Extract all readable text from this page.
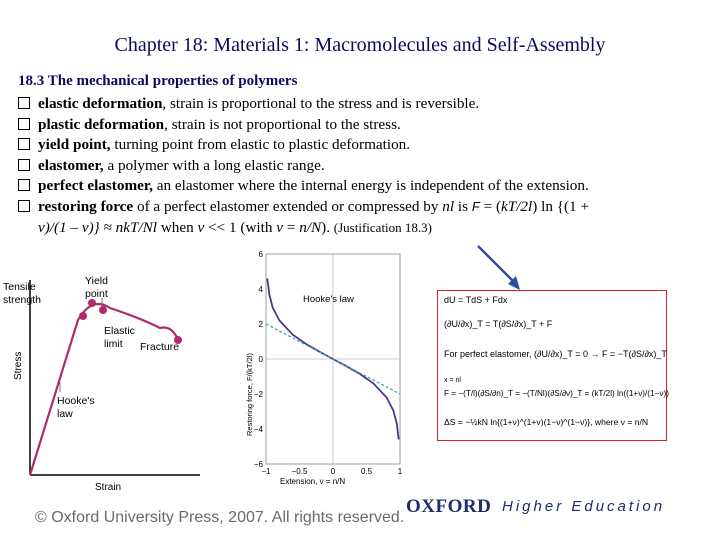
Chapter 18: Materials 1: Macromolecules and Self-Assembly
18.3 The mechanical properties of polymers
elastic deformation, strain is proportional to the stress and is reversible.
plastic deformation, strain is not proportional to the stress.
yield point, turning point from elastic to plastic deformation.
elastomer, a polymer with a long elastic range.
perfect elastomer, an elastomer where the internal energy is independent of the extension.
restoring force of a perfect elastomer extended or compressed by nl is F = (kT/2l) ln {(1 +
v)/(1 – v)} ≈ nkT/Nl when v << 1 (with v = n/N). (Justification 18.3)
Tensile strength
Yield point
Elastic limit	Fracture
Hooke's law
Stress
Strain
−1	−0.5	0	0.5	1
6
4
2
0
−2
−4
−6
Hooke's law
Extension, ν = n/N
Restoring force, F/(kT/2l)
dU = TdS + Fdx
(∂U/∂x)_T = T(∂S/∂x)_T + F
For perfect elastomer, (∂U/∂x)_T = 0 → F = −T(∂S/∂x)_T
x = nl
F = −(T/l)(∂S/∂n)_T = −(T/Nl)(∂S/∂ν)_T = (kT/2l) ln((1+ν)/(1−ν))
ΔS = −½kN ln{(1+ν)^(1+ν)(1−ν)^(1−ν)}, where ν = n/N
© Oxford University Press, 2007. All rights reserved.
OXFORD Higher Education
